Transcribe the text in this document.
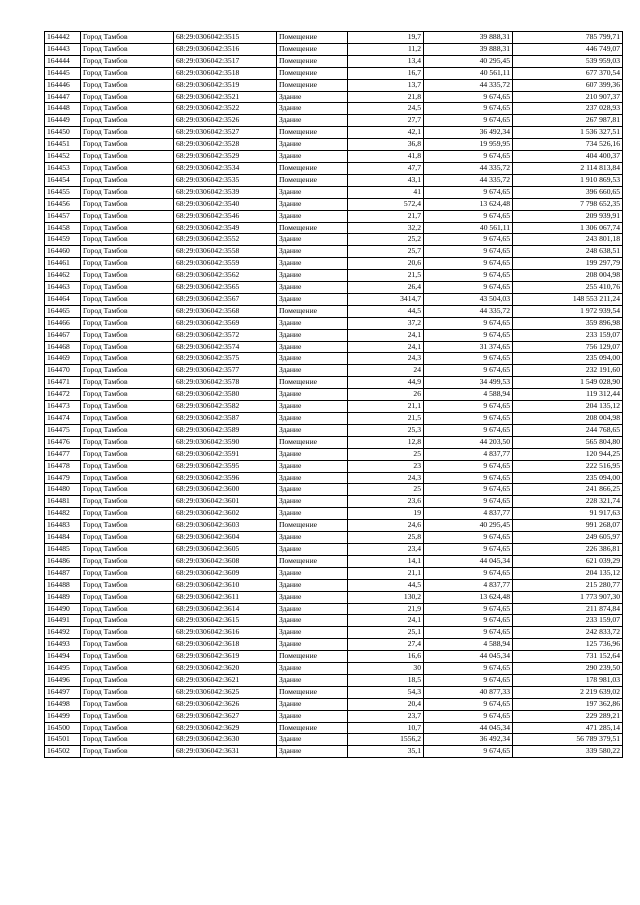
164442	Город Тамбов	68:29:0306042:3515	Помещение	19,7	39 888,31	785 799,71
164443	Город Тамбов	68:29:0306042:3516	Помещение	11,2	39 888,31	446 749,07
164444	Город Тамбов	68:29:0306042:3517	Помещение	13,4	40 295,45	539 959,03
164445	Город Тамбов	68:29:0306042:3518	Помещение	16,7	40 561,11	677 370,54
164446	Город Тамбов	68:29:0306042:3519	Помещение	13,7	44 335,72	607 399,36
164447	Город Тамбов	68:29:0306042:3521	Здание	21,8	9 674,65	210 907,37
164448	Город Тамбов	68:29:0306042:3522	Здание	24,5	9 674,65	237 028,93
164449	Город Тамбов	68:29:0306042:3526	Здание	27,7	9 674,65	267 987,81
164450	Город Тамбов	68:29:0306042:3527	Помещение	42,1	36 492,34	1 536 327,51
164451	Город Тамбов	68:29:0306042:3528	Здание	36,8	19 959,95	734 526,16
164452	Город Тамбов	68:29:0306042:3529	Здание	41,8	9 674,65	404 400,37
164453	Город Тамбов	68:29:0306042:3534	Помещение	47,7	44 335,72	2 114 813,84
164454	Город Тамбов	68:29:0306042:3535	Помещение	43,1	44 335,72	1 910 869,53
164455	Город Тамбов	68:29:0306042:3539	Здание	41	9 674,65	396 660,65
164456	Город Тамбов	68:29:0306042:3540	Здание	572,4	13 624,48	7 798 652,35
164457	Город Тамбов	68:29:0306042:3546	Здание	21,7	9 674,65	209 939,91
164458	Город Тамбов	68:29:0306042:3549	Помещение	32,2	40 561,11	1 306 067,74
164459	Город Тамбов	68:29:0306042:3552	Здание	25,2	9 674,65	243 801,18
164460	Город Тамбов	68:29:0306042:3558	Здание	25,7	9 674,65	248 638,51
164461	Город Тамбов	68:29:0306042:3559	Здание	20,6	9 674,65	199 297,79
164462	Город Тамбов	68:29:0306042:3562	Здание	21,5	9 674,65	208 004,98
164463	Город Тамбов	68:29:0306042:3565	Здание	26,4	9 674,65	255 410,76
164464	Город Тамбов	68:29:0306042:3567	Здание	3414,7	43 504,03	148 553 211,24
164465	Город Тамбов	68:29:0306042:3568	Помещение	44,5	44 335,72	1 972 939,54
164466	Город Тамбов	68:29:0306042:3569	Здание	37,2	9 674,65	359 896,98
164467	Город Тамбов	68:29:0306042:3572	Здание	24,1	9 674,65	233 159,07
164468	Город Тамбов	68:29:0306042:3574	Здание	24,1	31 374,65	756 129,07
164469	Город Тамбов	68:29:0306042:3575	Здание	24,3	9 674,65	235 094,00
164470	Город Тамбов	68:29:0306042:3577	Здание	24	9 674,65	232 191,60
164471	Город Тамбов	68:29:0306042:3578	Помещение	44,9	34 499,53	1 549 028,90
164472	Город Тамбов	68:29:0306042:3580	Здание	26	4 588,94	119 312,44
164473	Город Тамбов	68:29:0306042:3582	Здание	21,1	9 674,65	204 135,12
164474	Город Тамбов	68:29:0306042:3587	Здание	21,5	9 674,65	208 004,98
164475	Город Тамбов	68:29:0306042:3589	Здание	25,3	9 674,65	244 768,65
164476	Город Тамбов	68:29:0306042:3590	Помещение	12,8	44 203,50	565 804,80
164477	Город Тамбов	68:29:0306042:3591	Здание	25	4 837,77	120 944,25
164478	Город Тамбов	68:29:0306042:3595	Здание	23	9 674,65	222 516,95
164479	Город Тамбов	68:29:0306042:3596	Здание	24,3	9 674,65	235 094,00
164480	Город Тамбов	68:29:0306042:3600	Здание	25	9 674,65	241 866,25
164481	Город Тамбов	68:29:0306042:3601	Здание	23,6	9 674,65	228 321,74
164482	Город Тамбов	68:29:0306042:3602	Здание	19	4 837,77	91 917,63
164483	Город Тамбов	68:29:0306042:3603	Помещение	24,6	40 295,45	991 268,07
164484	Город Тамбов	68:29:0306042:3604	Здание	25,8	9 674,65	249 605,97
164485	Город Тамбов	68:29:0306042:3605	Здание	23,4	9 674,65	226 386,81
164486	Город Тамбов	68:29:0306042:3608	Помещение	14,1	44 045,34	621 039,29
164487	Город Тамбов	68:29:0306042:3609	Здание	21,1	9 674,65	204 135,12
164488	Город Тамбов	68:29:0306042:3610	Здание	44,5	4 837,77	215 280,77
164489	Город Тамбов	68:29:0306042:3611	Здание	130,2	13 624,48	1 773 907,30
164490	Город Тамбов	68:29:0306042:3614	Здание	21,9	9 674,65	211 874,84
164491	Город Тамбов	68:29:0306042:3615	Здание	24,1	9 674,65	233 159,07
164492	Город Тамбов	68:29:0306042:3616	Здание	25,1	9 674,65	242 833,72
164493	Город Тамбов	68:29:0306042:3618	Здание	27,4	4 588,94	125 736,96
164494	Город Тамбов	68:29:0306042:3619	Помещение	16,6	44 045,34	731 152,64
164495	Город Тамбов	68:29:0306042:3620	Здание	30	9 674,65	290 239,50
164496	Город Тамбов	68:29:0306042:3621	Здание	18,5	9 674,65	178 981,03
164497	Город Тамбов	68:29:0306042:3625	Помещение	54,3	40 877,33	2 219 639,02
164498	Город Тамбов	68:29:0306042:3626	Здание	20,4	9 674,65	197 362,86
164499	Город Тамбов	68:29:0306042:3627	Здание	23,7	9 674,65	229 289,21
164500	Город Тамбов	68:29:0306042:3629	Помещение	10,7	44 045,34	471 285,14
164501	Город Тамбов	68:29:0306042:3630	Здание	1556,2	36 492,34	56 789 379,51
164502	Город Тамбов	68:29:0306042:3631	Здание	35,1	9 674,65	339 580,22
